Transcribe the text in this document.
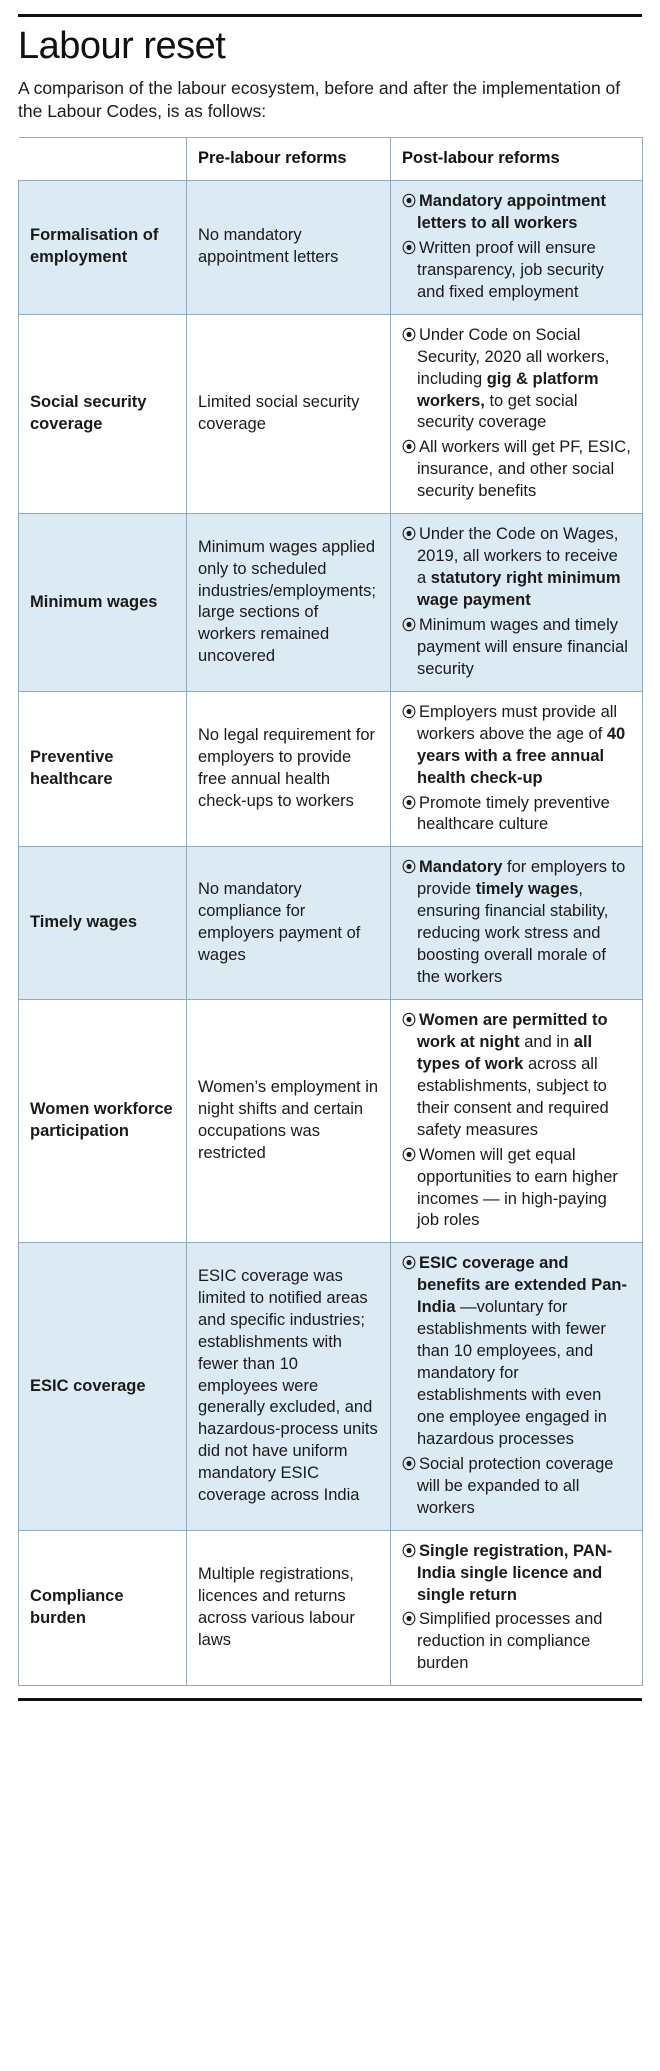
Labour reset

A comparison of the labour ecosystem, before and after the implementation of the Labour Codes, is as follows:

	Pre-labour reforms	Post-labour reforms
Formalisation of employment	No mandatory appointment letters	⦿ Mandatory appointment letters to all workers
⦿ Written proof will ensure transparency, job security and fixed employment

Social security coverage	Limited social security coverage	⦿ Under Code on Social Security, 2020 all workers, including gig & platform workers, to get social security coverage
⦿ All workers will get PF, ESIC, insurance, and other social security benefits

Minimum wages	Minimum wages applied only to scheduled industries/employments; large sections of workers remained uncovered	⦿ Under the Code on Wages, 2019, all workers to receive a statutory right minimum wage payment
⦿ Minimum wages and timely payment will ensure financial security

Preventive healthcare	No legal requirement for employers to provide free annual health check-ups to workers	⦿ Employers must provide all workers above the age of 40 years with a free annual health check-up
⦿ Promote timely preventive healthcare culture

Timely wages	No mandatory compliance for employers payment of wages	⦿ Mandatory for employers to provide timely wages, ensuring financial stability, reducing work stress and boosting overall morale of the workers

Women workforce participation	Women’s employment in night shifts and certain occupations was restricted	⦿ Women are permitted to work at night and in all types of work across all establishments, subject to their consent and required safety measures
⦿ Women will get equal opportunities to earn higher incomes — in high-paying job roles

ESIC coverage	ESIC coverage was limited to notified areas and specific industries; establishments with fewer than 10 employees were generally excluded, and hazardous-process units did not have uniform mandatory ESIC coverage across India	
⦿ ESIC coverage and benefits are extended Pan-India —voluntary for establishments with fewer than 10 employees, and mandatory for establishments with even one employee engaged in hazardous processes
⦿ Social protection coverage will be expanded to all workers

Compliance burden	Multiple registrations, licences and returns across various labour laws	⦿ Single registration, PAN-India single licence and single return
⦿ Simplified processes and reduction in compliance burden
